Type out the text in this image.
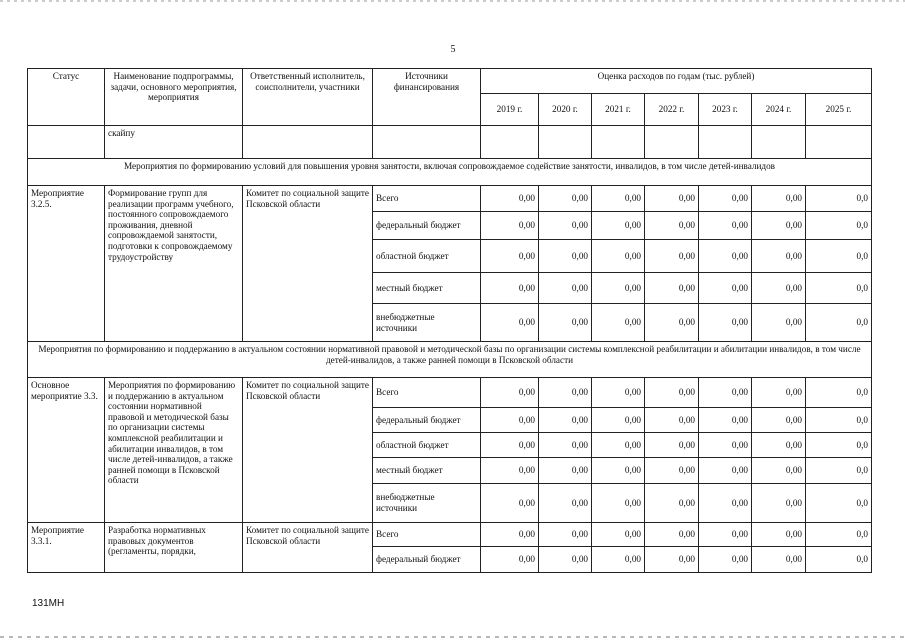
5
Статус	Наименование подпрограммы, задачи, основного мероприятия, мероприятия	Ответственный исполнитель, соисполнители, участники	Источники финансирования	Оценка расходов по годам (тыс. рублей)						
				2019 г.	2020 г.	2021 г.	2022 г.	2023 г.	2024 г.	2025 г.
	скайпу									
Мероприятия по формированию условий для повышения уровня занятости, включая сопровождаемое содействие занятости, инвалидов, в том числе детей-инвалидов										
Мероприятие 3.2.5.	Формирование групп для реализации программ учебного, постоянного сопровождаемого проживания, дневной сопровождаемой занятости, подготовки к сопровождаемому трудоустройству	Комитет по социальной защите Псковской области	Всего	0,00	0,00	0,00	0,00	0,00	0,00	0,0
			федеральный бюджет	0,00	0,00	0,00	0,00	0,00	0,00	0,0
			областной бюджет	0,00	0,00	0,00	0,00	0,00	0,00	0,0
			местный бюджет	0,00	0,00	0,00	0,00	0,00	0,00	0,0
			внебюджетные источники	0,00	0,00	0,00	0,00	0,00	0,00	0,0
Мероприятия по формированию и поддержанию в актуальном состоянии нормативной правовой и методической базы по организации системы комплексной реабилитации и абилитации инвалидов, в том числе детей-инвалидов, а также ранней помощи в Псковской области										
Основное мероприятие 3.3.	Мероприятия по формированию и поддержанию в актуальном состоянии нормативной правовой и методической базы по организации системы комплексной реабилитации и абилитации инвалидов, в том числе детей-инвалидов, а также ранней помощи в Псковской области	Комитет по социальной защите Псковской области	Всего	0,00	0,00	0,00	0,00	0,00	0,00	0,0
			федеральный бюджет	0,00	0,00	0,00	0,00	0,00	0,00	0,0
			областной бюджет	0,00	0,00	0,00	0,00	0,00	0,00	0,0
			местный бюджет	0,00	0,00	0,00	0,00	0,00	0,00	0,0
			внебюджетные источники	0,00	0,00	0,00	0,00	0,00	0,00	0,0
Мероприятие 3.3.1.	Разработка нормативных правовых документов (регламенты, порядки,	Комитет по социальной защите Псковской области	Всего	0,00	0,00	0,00	0,00	0,00	0,00	0,0
			федеральный бюджет	0,00	0,00	0,00	0,00	0,00	0,00	0,0
131МН
